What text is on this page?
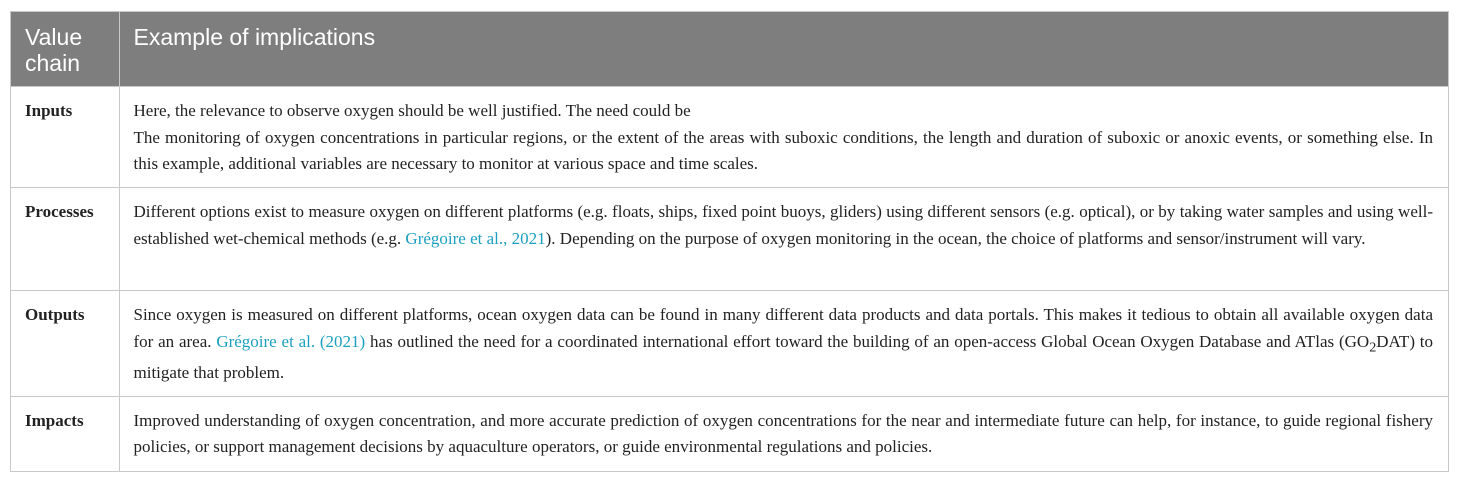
Value chain	Example of implications
Inputs	Here, the relevance to observe oxygen should be well justified. The need could be
The monitoring of oxygen concentrations in particular regions, or the extent of the areas with suboxic conditions, the length and duration of suboxic or anoxic events, or something else. In this example, additional variables are necessary to monitor at various space and time scales.

Processes	Different options exist to measure oxygen on different platforms (e.g. floats, ships, fixed point buoys, gliders) using different sensors (e.g. optical), or by taking water samples and using well-established wet-chemical methods (e.g. Grégoire et al., 2021). Depending on the purpose of oxygen monitoring in the ocean, the choice of platforms and sensor/instrument will vary.
Outputs	Since oxygen is measured on different platforms, ocean oxygen data can be found in many different data products and data portals. This makes it tedious to obtain all available oxygen data for an area. Grégoire et al. (2021) has outlined the need for a coordinated international effort toward the building of an open-access Global Ocean Oxygen Database and ATlas $(GO_2DAT)$ to mitigate that problem.
Impacts	Improved understanding of oxygen concentration, and more accurate prediction of oxygen concentrations for the near and intermediate future can help, for instance, to guide regional fishery policies, or support management decisions by aquaculture operators, or guide environmental regulations and policies.
